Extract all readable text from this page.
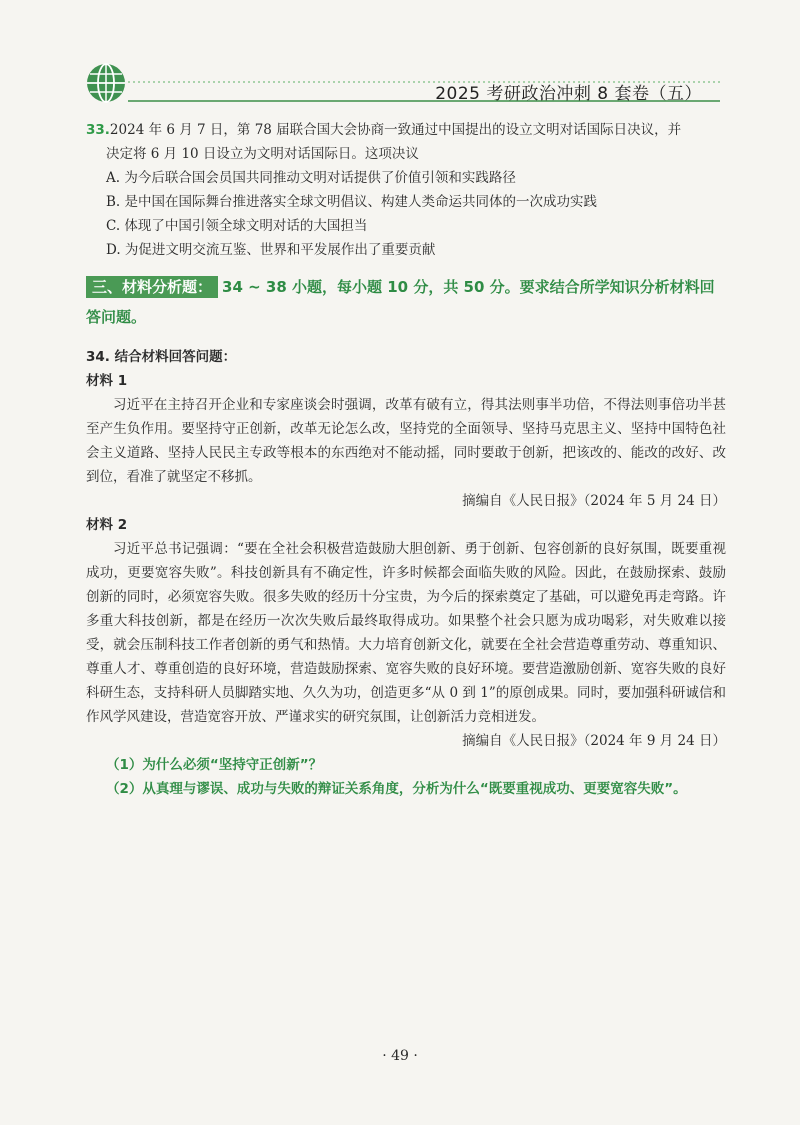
2025 考研政治冲刺 8 套卷（五）
33.2024 年 6 月 7 日，第 78 届联合国大会协商一致通过中国提出的设立文明对话国际日决议，并
决定将 6 月 10 日设立为文明对话国际日。这项决议
A. 为今后联合国会员国共同推动文明对话提供了价值引领和实践路径
B. 是中国在国际舞台推进落实全球文明倡议、构建人类命运共同体的一次成功实践
C. 体现了中国引领全球文明对话的大国担当
D. 为促进文明交流互鉴、世界和平发展作出了重要贡献
三、材料分析题： 34 ~ 38 小题，每小题 10 分，共 50 分。要求结合所学知识分析材料回答问题。
34. 结合材料回答问题：
材料 1

习近平在主持召开企业和专家座谈会时强调，改革有破有立，得其法则事半功倍，不得法则事倍功半甚至产生负作用。要坚持守正创新，改革无论怎么改，坚持党的全面领导、坚持马克思主义、坚持中国特色社会主义道路、坚持人民民主专政等根本的东西绝对不能动摇，同时要敢于创新，把该改的、能改的改好、改到位，看准了就坚定不移抓。

摘编自《人民日报》（2024 年 5 月 24 日）

材料 2

习近平总书记强调：“要在全社会积极营造鼓励大胆创新、勇于创新、包容创新的良好氛围，既要重视成功，更要宽容失败”。科技创新具有不确定性，许多时候都会面临失败的风险。因此，在鼓励探索、鼓励创新的同时，必须宽容失败。很多失败的经历十分宝贵，为今后的探索奠定了基础，可以避免再走弯路。许多重大科技创新，都是在经历一次次失败后最终取得成功。如果整个社会只愿为成功喝彩，对失败难以接受，就会压制科技工作者创新的勇气和热情。大力培育创新文化，就要在全社会营造尊重劳动、尊重知识、尊重人才、尊重创造的良好环境，营造鼓励探索、宽容失败的良好环境。要营造激励创新、宽容失败的良好科研生态，支持科研人员脚踏实地、久久为功，创造更多“从 0 到 1”的原创成果。同时，要加强科研诚信和作风学风建设，营造宽容开放、严谨求实的研究氛围，让创新活力竞相迸发。

摘编自《人民日报》（2024 年 9 月 24 日）

（1）为什么必须“坚持守正创新”？

（2）从真理与谬误、成功与失败的辩证关系角度，分析为什么“既要重视成功、更要宽容失败”。

· 49 ·
